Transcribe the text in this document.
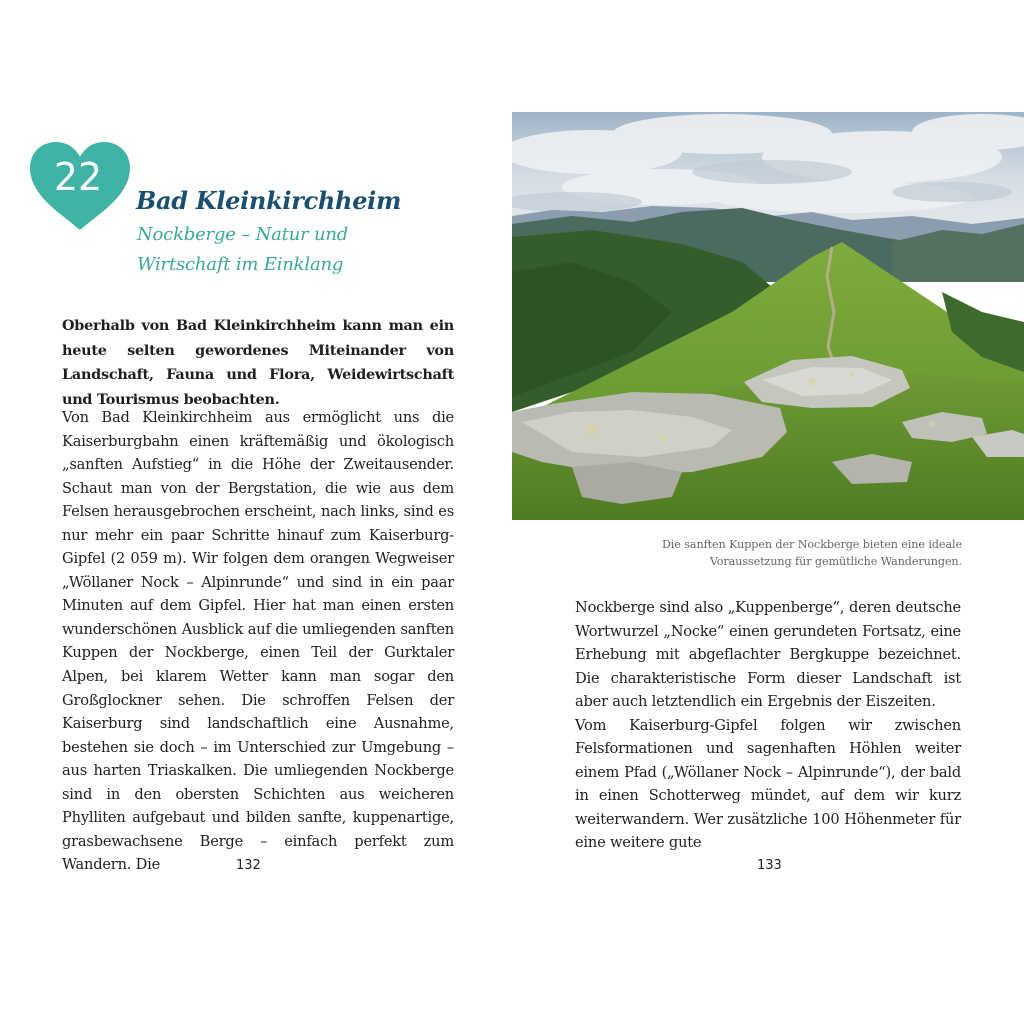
22
Bad Kleinkirchheim
Nockberge – Natur und Wirtschaft im Einklang
Oberhalb von Bad Kleinkirchheim kann man ein heute selten gewordenes Miteinander von Landschaft, Fauna und Flora, Weidewirtschaft und Tourismus beobachten.
Von Bad Kleinkirchheim aus ermöglicht uns die Kaiserburgbahn einen kräftemäßig und ökologisch „sanften Aufstieg“ in die Höhe der Zweitausender. Schaut man von der Bergstation, die wie aus dem Felsen herausgebrochen erscheint, nach links, sind es nur mehr ein paar Schritte hinauf zum Kaiserburg-Gipfel (2 059 m). Wir folgen dem orangen Wegweiser „Wöllaner Nock – Alpinrunde“ und sind in ein paar Minuten auf dem Gipfel. Hier hat man einen ersten wunderschönen Ausblick auf die umliegenden sanften Kuppen der Nockberge, einen Teil der Gurktaler Alpen, bei klarem Wetter kann man sogar den Großglockner sehen. Die schroffen Felsen der Kaiserburg sind landschaftlich eine Ausnahme, bestehen sie doch – im Unterschied zur Umgebung – aus harten Triaskalken. Die umliegenden Nockberge sind in den obersten Schichten aus weicheren Phylliten aufgebaut und bilden sanfte, kuppenartige, grasbewachsene Berge – einfach perfekt zum Wandern. Die	132
Die sanften Kuppen der Nockberge bieten eine ideale Voraussetzung für gemütliche Wanderungen.

Nockberge sind also „Kuppenberge“, deren deutsche Wortwurzel „Nocke“ einen gerundeten Fortsatz, eine Erhebung mit abgeflachter Bergkuppe bezeichnet. Die charakteristische Form dieser Landschaft ist aber auch letztendlich ein Ergebnis der Eiszeiten.

Vom Kaiserburg-Gipfel folgen wir zwischen Felsformationen und sagenhaften Höhlen weiter einem Pfad („Wöllaner Nock – Alpinrunde“), der bald in einen Schotterweg mündet, auf dem wir kurz weiterwandern. Wer zusätzliche 100 Höhenmeter für eine weitere gute

133
